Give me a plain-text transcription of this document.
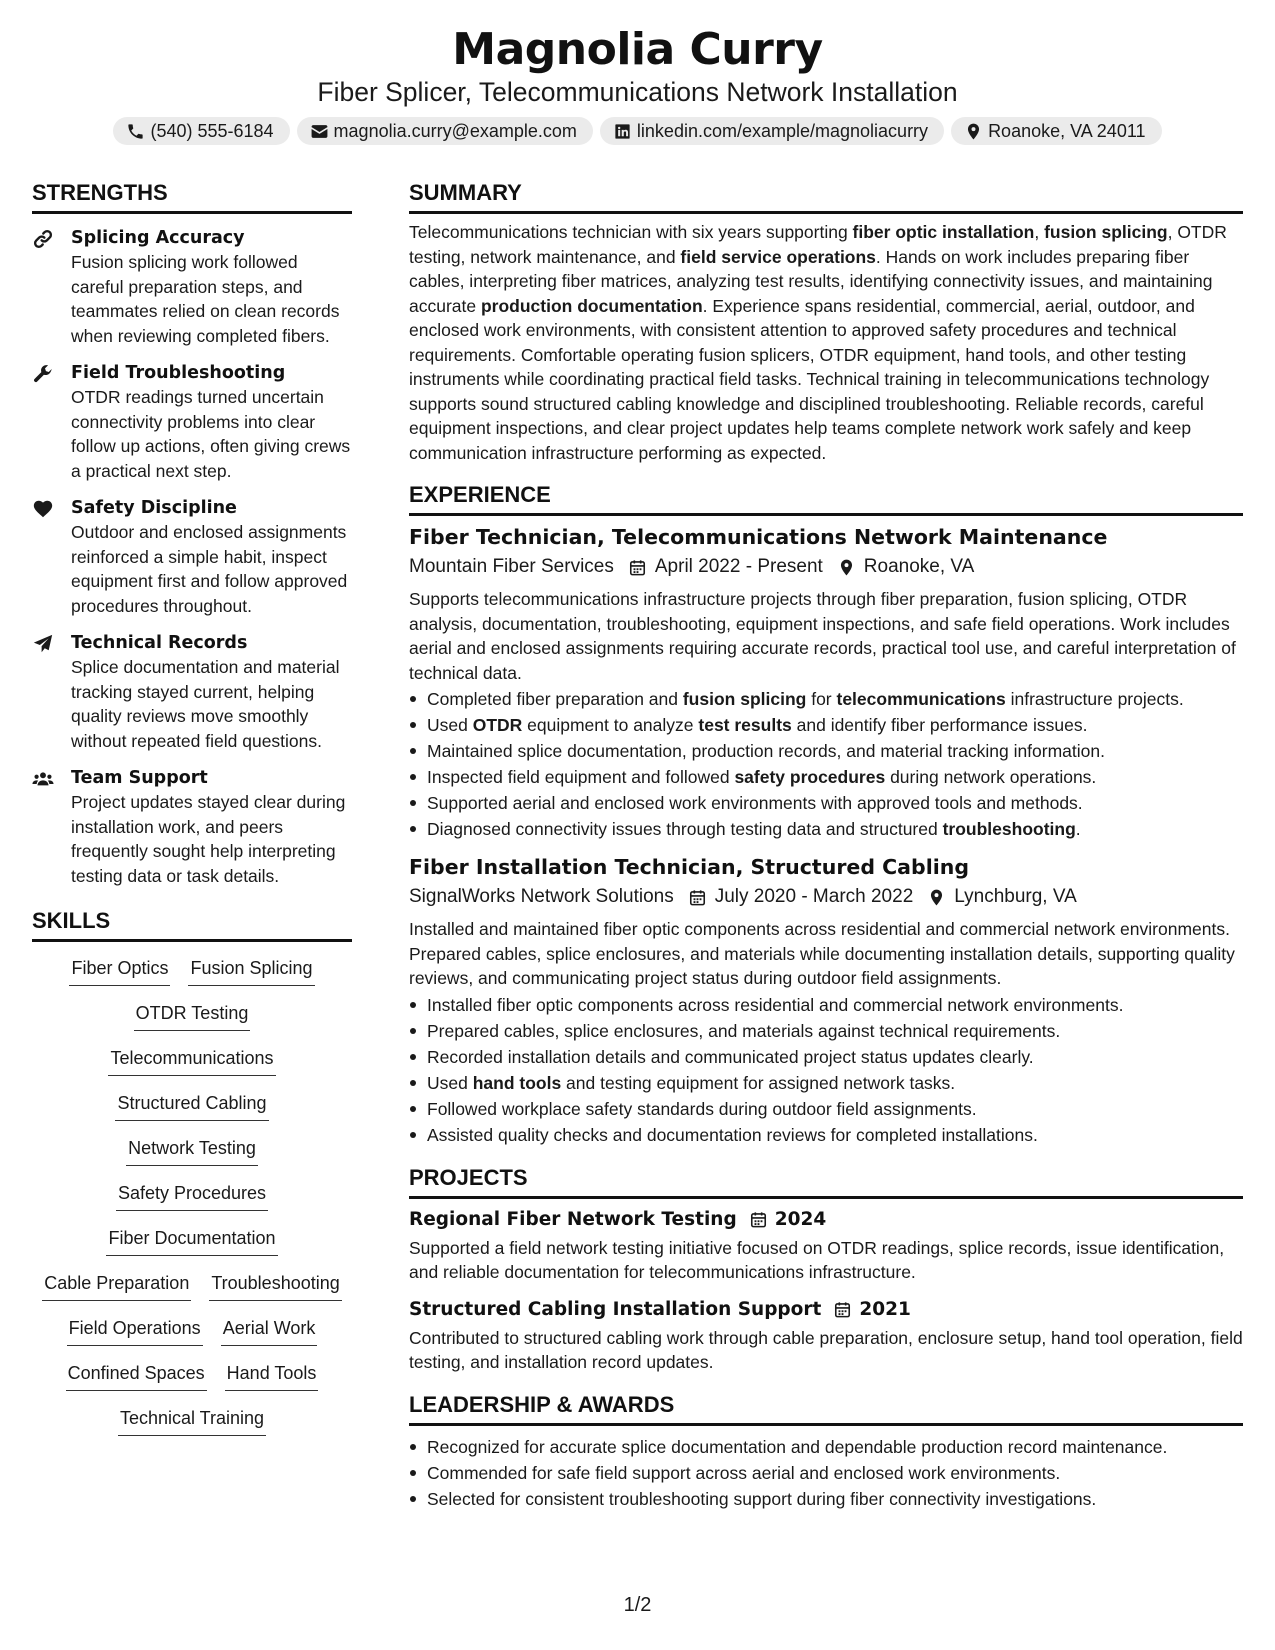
Magnolia Curry
Fiber Splicer, Telecommunications Network Installation
(540) 555-6184	magnolia.curry@example.com	linkedin.com/example/magnoliacurry	Roanoke, VA 24011
STRENGTHS
Splicing Accuracy
Fusion splicing work followed careful preparation steps, and teammates relied on clean records when reviewing completed fibers.
Field Troubleshooting
OTDR readings turned uncertain connectivity problems into clear follow up actions, often giving crews a practical next step.
Safety Discipline
Outdoor and enclosed assignments reinforced a simple habit, inspect equipment first and follow approved procedures throughout.
Technical Records
Splice documentation and material tracking stayed current, helping quality reviews move smoothly without repeated field questions.
Team Support
Project updates stayed clear during installation work, and peers frequently sought help interpreting testing data or task details.
SKILLS
Fiber Optics Fusion Splicing
OTDR Testing
Telecommunications
Structured Cabling
Network Testing
Safety Procedures
Fiber Documentation
Cable Preparation Troubleshooting
Field Operations Aerial Work
Confined Spaces Hand Tools
Technical Training
SUMMARY
Telecommunications technician with six years supporting fiber optic installation, fusion splicing, OTDR testing, network maintenance, and field service operations. Hands on work includes preparing fiber cables, interpreting fiber matrices, analyzing test results, identifying connectivity issues, and maintaining accurate production documentation. Experience spans residential, commercial, aerial, outdoor, and enclosed work environments, with consistent attention to approved safety procedures and technical requirements. Comfortable operating fusion splicers, OTDR equipment, hand tools, and other testing instruments while coordinating practical field tasks. Technical training in telecommunications technology supports sound structured cabling knowledge and disciplined troubleshooting. Reliable records, careful equipment inspections, and clear project updates help teams complete network work safely and keep communication infrastructure performing as expected.
EXPERIENCE
Fiber Technician, Telecommunications Network Maintenance
Mountain Fiber Services April 2022 - Present Roanoke, VA
Supports telecommunications infrastructure projects through fiber preparation, fusion splicing, OTDR analysis, documentation, troubleshooting, equipment inspections, and safe field operations. Work includes aerial and enclosed assignments requiring accurate records, practical tool use, and careful interpretation of technical data.
Completed fiber preparation and fusion splicing for telecommunications infrastructure projects.
Used OTDR equipment to analyze test results and identify fiber performance issues.
Maintained splice documentation, production records, and material tracking information.
Inspected field equipment and followed safety procedures during network operations.
Supported aerial and enclosed work environments with approved tools and methods.
Diagnosed connectivity issues through testing data and structured troubleshooting.
Fiber Installation Technician, Structured Cabling
SignalWorks Network Solutions July 2020 - March 2022 Lynchburg, VA
Installed and maintained fiber optic components across residential and commercial network environments. Prepared cables, splice enclosures, and materials while documenting installation details, supporting quality reviews, and communicating project status during outdoor field assignments.
Installed fiber optic components across residential and commercial network environments.
Prepared cables, splice enclosures, and materials against technical requirements.
Recorded installation details and communicated project status updates clearly.
Used hand tools and testing equipment for assigned network tasks.
Followed workplace safety standards during outdoor field assignments.
Assisted quality checks and documentation reviews for completed installations.
PROJECTS
Regional Fiber Network Testing 2024
Supported a field network testing initiative focused on OTDR readings, splice records, issue identification, and reliable documentation for telecommunications infrastructure.
Structured Cabling Installation Support 2021
Contributed to structured cabling work through cable preparation, enclosure setup, hand tool operation, field testing, and installation record updates.
LEADERSHIP & AWARDS
Recognized for accurate splice documentation and dependable production record maintenance.
Commended for safe field support across aerial and enclosed work environments.
Selected for consistent troubleshooting support during fiber connectivity investigations.
1/2
